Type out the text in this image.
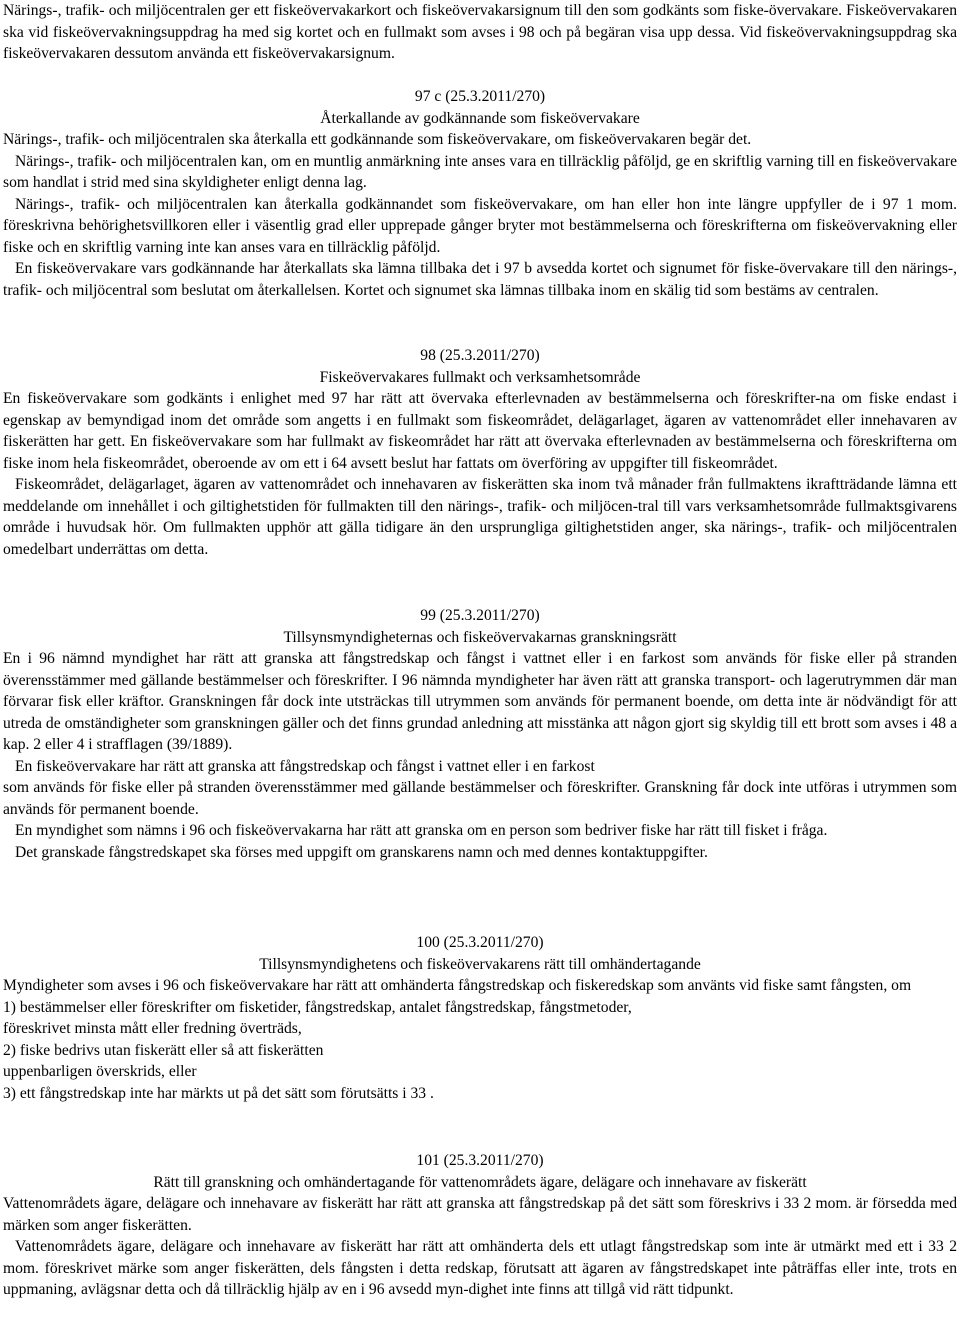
Närings-, trafik- och miljöcentralen ger ett fiskeövervakarkort och fiskeövervakarsignum till den som godkänts som fiske-övervakare. Fiskeövervakaren ska vid fiskeövervakningsuppdrag ha med sig kortet och en fullmakt som avses i 98 och på begäran visa upp dessa. Vid fiskeövervakningsuppdrag ska fiskeövervakaren dessutom använda ett fiskeövervakarsignum.

97 c (25.3.2011/270)

Återkallande av godkännande som fiskeövervakare

Närings-, trafik- och miljöcentralen ska återkalla ett godkännande som fiskeövervakare, om fiskeövervakaren begär det.

Närings-, trafik- och miljöcentralen kan, om en muntlig anmärkning inte anses vara en tillräcklig påföljd, ge en skriftlig varning till en fiskeövervakare som handlat i strid med sina skyldigheter enligt denna lag.

Närings-, trafik- och miljöcentralen kan återkalla godkännandet som fiskeövervakare, om han eller hon inte längre uppfyller de i 97 1 mom. föreskrivna behörighetsvillkoren eller i väsentlig grad eller upprepade gånger bryter mot bestämmelserna och föreskrifterna om fiskeövervakning eller fiske och en skriftlig varning inte kan anses vara en tillräcklig påföljd.

En fiskeövervakare vars godkännande har återkallats ska lämna tillbaka det i 97 b avsedda kortet och signumet för fiske-övervakare till den närings-, trafik- och miljöcentral som beslutat om återkallelsen. Kortet och signumet ska lämnas tillbaka inom en skälig tid som bestäms av centralen.

98 (25.3.2011/270)

Fiskeövervakares fullmakt och verksamhetsområde

En fiskeövervakare som godkänts i enlighet med 97 har rätt att övervaka efterlevnaden av bestämmelserna och föreskrifter-na om fiske endast i egenskap av bemyndigad inom det område som angetts i en fullmakt som fiskeområdet, delägarlaget, ägaren av vattenområdet eller innehavaren av fiskerätten har gett. En fiskeövervakare som har fullmakt av fiskeområdet har rätt att övervaka efterlevnaden av bestämmelserna och föreskrifterna om fiske inom hela fiskeområdet, oberoende av om ett i 64 avsett beslut har fattats om överföring av uppgifter till fiskeområdet.

Fiskeområdet, delägarlaget, ägaren av vattenområdet och innehavaren av fiskerätten ska inom två månader från fullmaktens ikraftträdande lämna ett meddelande om innehållet i och giltighetstiden för fullmakten till den närings-, trafik- och miljöcen-tral till vars verksamhetsområde fullmaktsgivarens område i huvudsak hör. Om fullmakten upphör att gälla tidigare än den ursprungliga giltighetstiden anger, ska närings-, trafik- och miljöcentralen omedelbart underrättas om detta.

99 (25.3.2011/270)

Tillsynsmyndigheternas och fiskeövervakarnas granskningsrätt

En i 96 nämnd myndighet har rätt att granska att fångstredskap och fångst i vattnet eller i en farkost som används för fiske eller på stranden överensstämmer med gällande bestämmelser och föreskrifter. I 96 nämnda myndigheter har även rätt att granska transport- och lagerutrymmen där man förvarar fisk eller kräftor. Granskningen får dock inte utsträckas till utrymmen som används för permanent boende, om detta inte är nödvändigt för att utreda de omständigheter som granskningen gäller och det finns grundad anledning att misstänka att någon gjort sig skyldig till ett brott som avses i 48 a kap. 2 eller 4 i strafflagen (39/1889).

En fiskeövervakare har rätt att granska att fångstredskap och fångst i vattnet eller i en farkost
som används för fiske eller på stranden överensstämmer med gällande bestämmelser och föreskrifter. Granskning får dock inte utföras i utrymmen som används för permanent boende.

En myndighet som nämns i 96 och fiskeövervakarna har rätt att granska om en person som bedriver fiske har rätt till fisket i fråga.

Det granskade fångstredskapet ska förses med uppgift om granskarens namn och med dennes kontaktuppgifter.

100 (25.3.2011/270)

Tillsynsmyndighetens och fiskeövervakarens rätt till omhändertagande

Myndigheter som avses i 96 och fiskeövervakare har rätt att omhänderta fångstredskap och fiskeredskap som använts vid fiske samt fångsten, om

1) bestämmelser eller föreskrifter om fisketider, fångstredskap, antalet fångstredskap, fångstmetoder,
föreskrivet minsta mått eller fredning överträds,

2) fiske bedrivs utan fiskerätt eller så att fiskerätten
uppenbarligen överskrids, eller

3) ett fångstredskap inte har märkts ut på det sätt som förutsätts i 33 .

101 (25.3.2011/270)

Rätt till granskning och omhändertagande för vattenområdets ägare, delägare och innehavare av fiskerätt

Vattenområdets ägare, delägare och innehavare av fiskerätt har rätt att granska att fångstredskap på det sätt som föreskrivs i 33 2 mom. är försedda med märken som anger fiskerätten.

Vattenområdets ägare, delägare och innehavare av fiskerätt har rätt att omhänderta dels ett utlagt fångstredskap som inte är utmärkt med ett i 33 2 mom. föreskrivet märke som anger fiskerätten, dels fångsten i detta redskap, förutsatt att ägaren av fångstredskapet inte påträffas eller inte, trots en uppmaning, avlägsnar detta och då tillräcklig hjälp av en i 96 avsedd myn-dighet inte finns att tillgå vid rätt tidpunkt.
